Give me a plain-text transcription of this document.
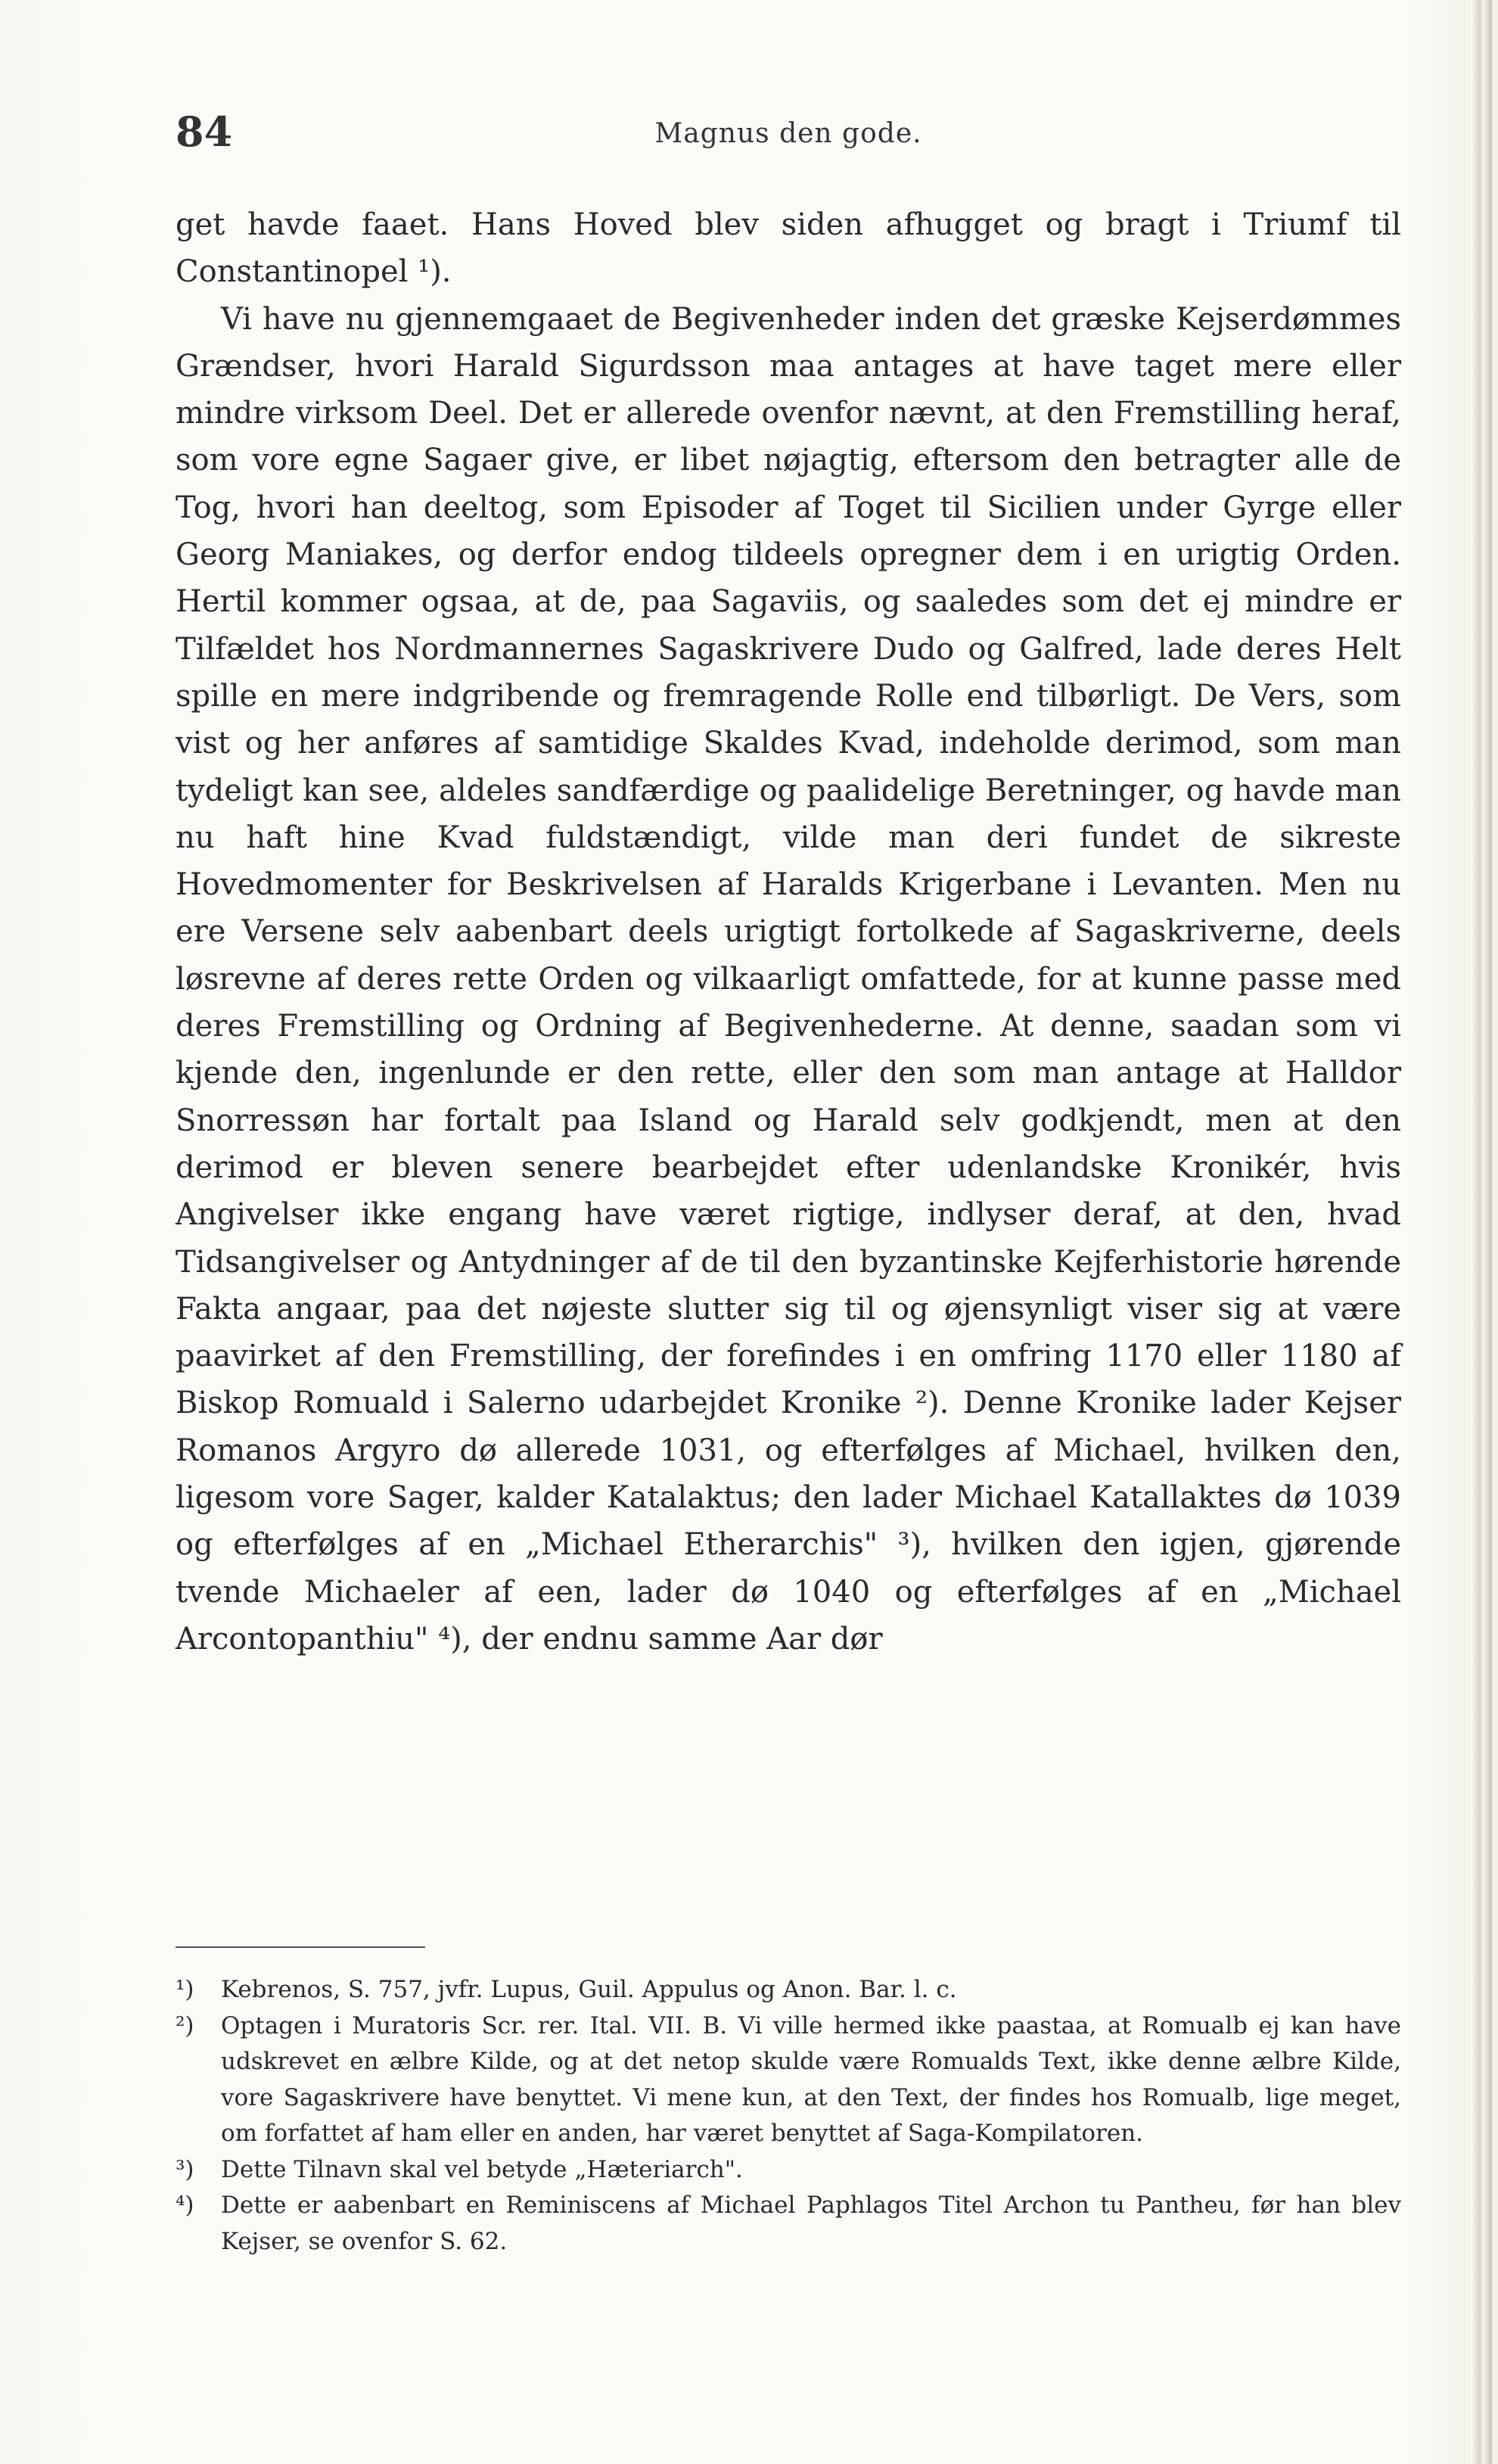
84	Magnus den gode.

get havde faaet. Hans Hoved blev siden afhugget og bragt i Triumf til Constantinopel ¹).

Vi have nu gjennemgaaet de Begivenheder inden det græske Kejserdømmes Grændser, hvori Harald Sigurdsson maa antages at have taget mere eller mindre virksom Deel. Det er allerede ovenfor nævnt, at den Fremstilling heraf, som vore egne Sagaer give, er libet nøjagtig, eftersom den betragter alle de Tog, hvori han deeltog, som Episoder af Toget til Sicilien under Gyrge eller Georg Maniakes, og derfor endog tildeels opregner dem i en urigtig Orden. Hertil kommer ogsaa, at de, paa Sagaviis, og saaledes som det ej mindre er Tilfældet hos Nordmannernes Sagaskrivere Dudo og Galfred, lade deres Helt spille en mere indgribende og fremragende Rolle end tilbørligt. De Vers, som vist og her anføres af samtidige Skaldes Kvad, indeholde derimod, som man tydeligt kan see, aldeles sandfærdige og paalidelige Beretninger, og havde man nu haft hine Kvad fuldstændigt, vilde man deri fundet de sikreste Hovedmomenter for Beskrivelsen af Haralds Krigerbane i Levanten. Men nu ere Versene selv aabenbart deels urigtigt fortolkede af Sagaskriverne, deels løsrevne af deres rette Orden og vilkaarligt omfattede, for at kunne passe med deres Fremstilling og Ordning af Begivenhederne. At denne, saadan som vi kjende den, ingenlunde er den rette, eller den som man antage at Halldor Snorressøn har fortalt paa Island og Harald selv godkjendt, men at den derimod er bleven senere bearbejdet efter udenlandske Kronikér, hvis Angivelser ikke engang have været rigtige, indlyser deraf, at den, hvad Tidsangivelser og Antydninger af de til den byzantinske Kejferhistorie hørende Fakta angaar, paa det nøjeste slutter sig til og øjensynligt viser sig at være paavirket af den Fremstilling, der forefindes i en omfring 1170 eller 1180 af Biskop Romuald i Salerno udarbejdet Kronike ²). Denne Kronike lader Kejser Romanos Argyro dø allerede 1031, og efterfølges af Michael, hvilken den, ligesom vore Sager, kalder Katalaktus; den lader Michael Katallaktes dø 1039 og efterfølges af en „Michael Etherarchis" ³), hvilken den igjen, gjørende tvende Michaeler af een, lader dø 1040 og efterfølges af en „Michael Arcontopanthiu" ⁴), der endnu samme Aar dør

¹) Kebrenos, S. 757, jvfr. Lupus, Guil. Appulus og Anon. Bar. l. c.

²) Optagen i Muratoris Scr. rer. Ital. VII. B. Vi ville hermed ikke paastaa, at Romualb ej kan have udskrevet en ælbre Kilde, og at det netop skulde være Romualds Text, ikke denne ælbre Kilde, vore Sagaskrivere have benyttet. Vi mene kun, at den Text, der findes hos Romualb, lige meget, om forfattet af ham eller en anden, har været benyttet af Saga-Kompilatoren.

³) Dette Tilnavn skal vel betyde „Hæteriarch".

⁴) Dette er aabenbart en Reminiscens af Michael Paphlagos Titel Archon tu Pantheu, før han blev Kejser, se ovenfor S. 62.
